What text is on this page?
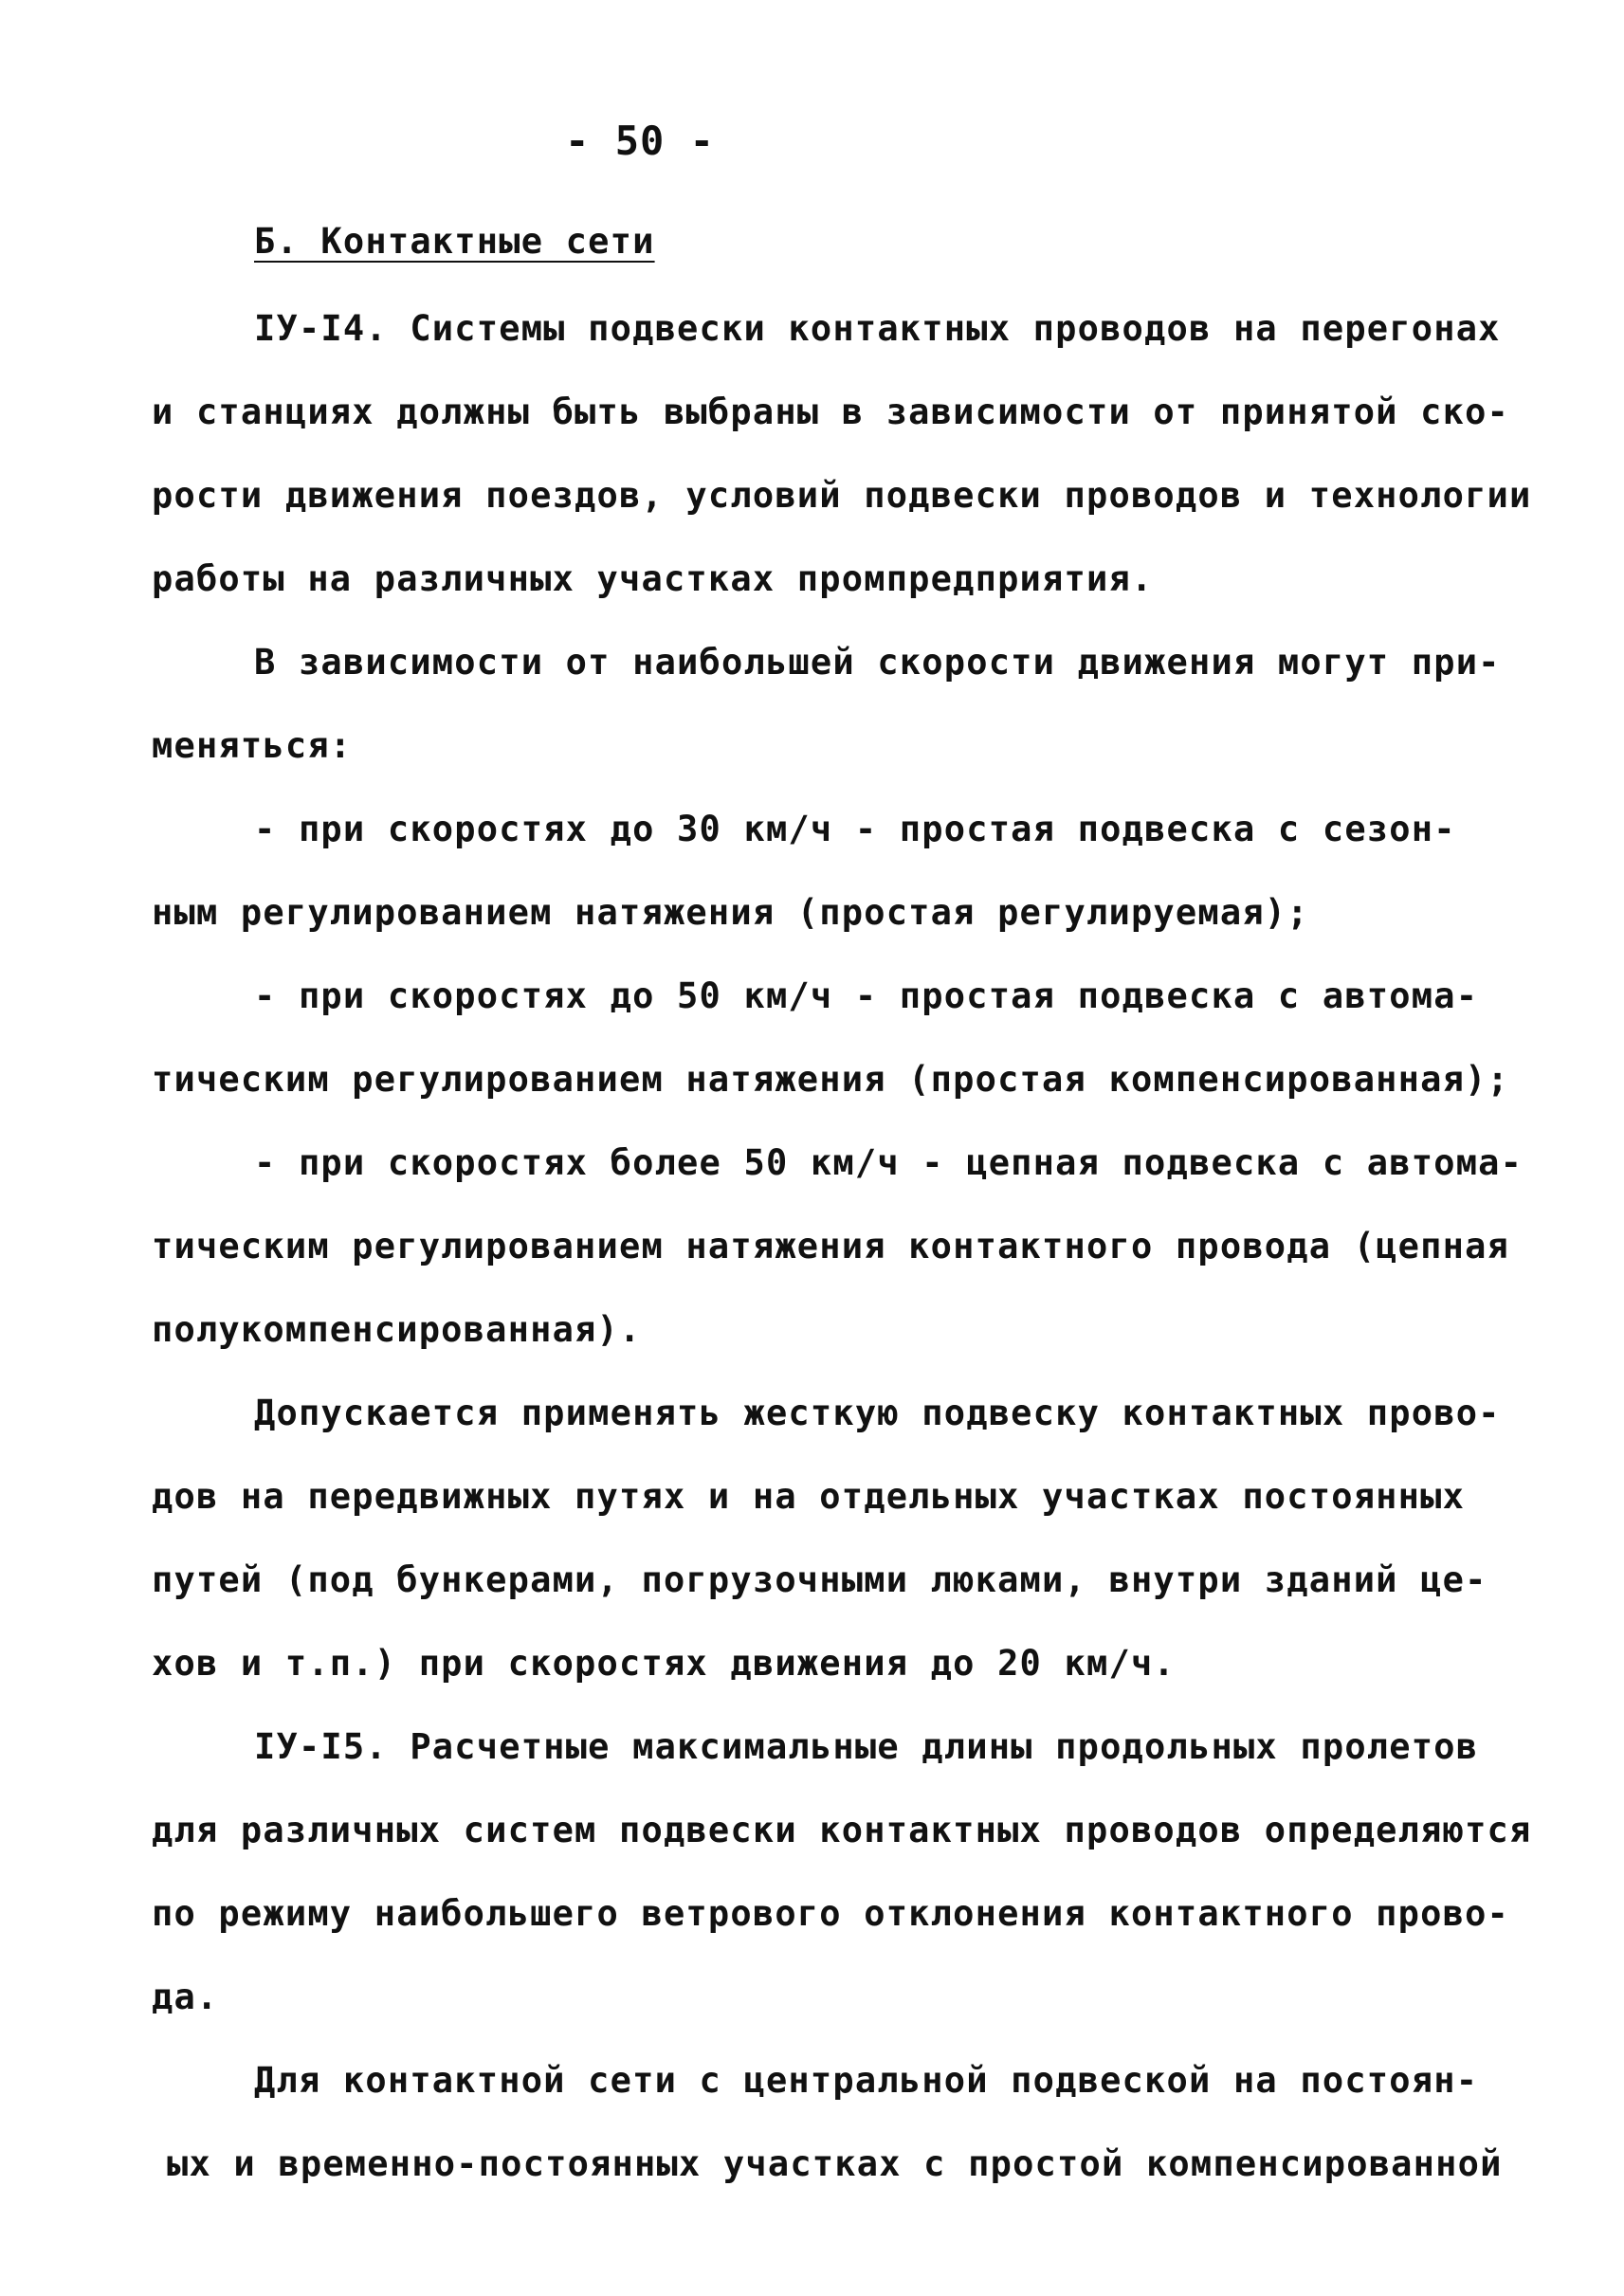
- 50 -
Б. Контактные сети
ІУ-І4. Системы подвески контактных проводов на перегонах
и станциях должны быть выбраны в зависимости от принятой ско-
рости движения поездов, условий подвески проводов и технологии
работы на различных участках промпредприятия.
В зависимости от наибольшей скорости движения могут при-
меняться:
- при скоростях до 30 км/ч - простая подвеска с сезон-
ным регулированием натяжения (простая регулируемая);
- при скоростях до 50 км/ч - простая подвеска с автома-
тическим регулированием натяжения (простая компенсированная);
- при скоростях более 50 км/ч - цепная подвеска с автома-
тическим регулированием натяжения контактного провода (цепная
полукомпенсированная).
Допускается применять жесткую подвеску контактных прово-
дов на передвижных путях и на отдельных участках постоянных
путей (под бункерами, погрузочными люками, внутри зданий це-
хов и т.п.) при скоростях движения до 20 км/ч.
ІУ-І5. Расчетные максимальные длины продольных пролетов
для различных систем подвески контактных проводов определяются
по режиму наибольшего ветрового отклонения контактного прово-
да.
Для контактной сети с центральной подвеской на постоян-
ых и временно-постоянных участках с простой компенсированной
